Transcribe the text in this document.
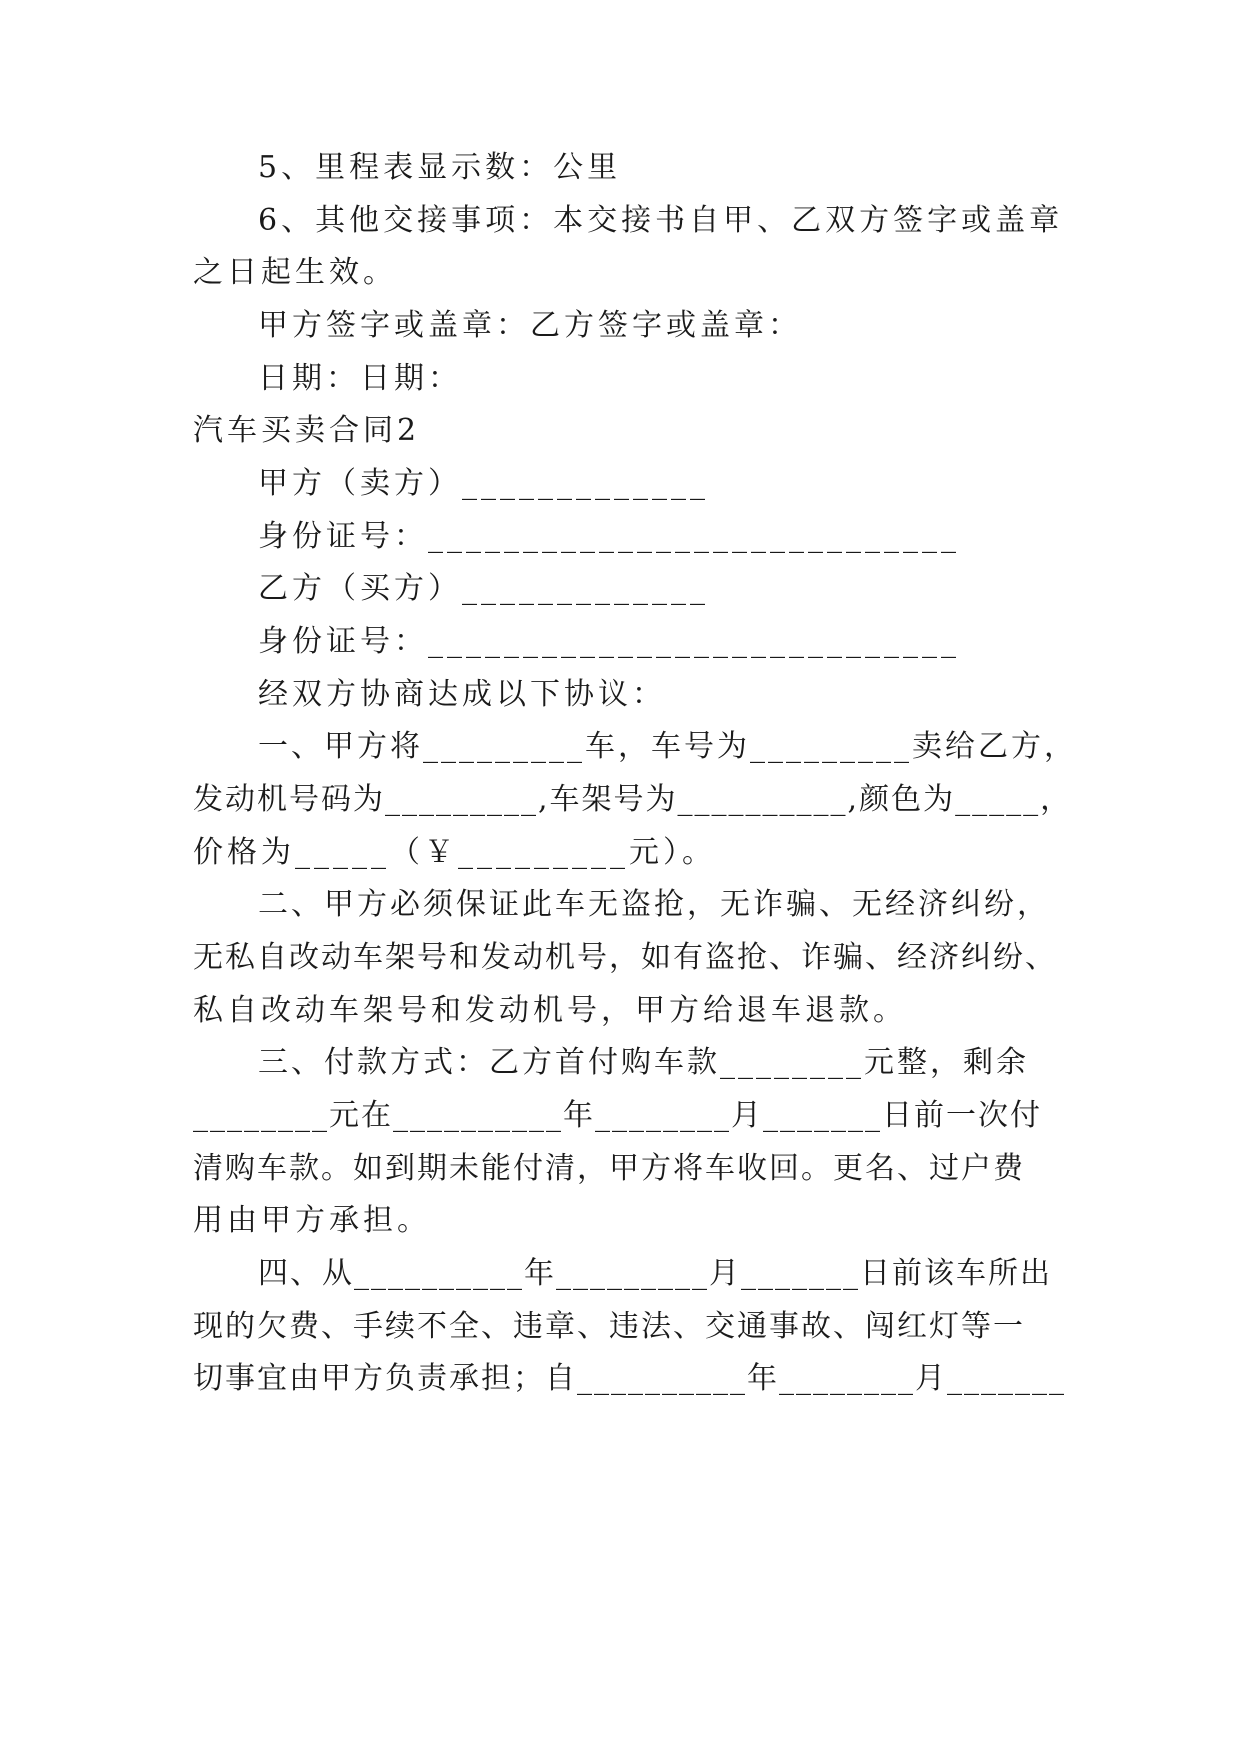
5、里程表显示数：公里
6、其他交接事项：本交接书自甲、乙双方签字或盖章
之日起生效。
甲方签字或盖章：乙方签字或盖章：
日期：日期：
汽车买卖合同2
甲方（卖方）_____________
身份证号：____________________________
乙方（买方）_____________
身份证号：____________________________
经双方协商达成以下协议：
一、甲方将_________车，车号为_________卖给乙方，
发动机号码为_________,车架号为__________,颜色为_____，
价格为_____（￥_________元）。
二、甲方必须保证此车无盗抢，无诈骗、无经济纠纷，
无私自改动车架号和发动机号，如有盗抢、诈骗、经济纠纷、
私自改动车架号和发动机号，甲方给退车退款。
三、付款方式：乙方首付购车款________元整，剩余
________元在__________年________月_______日前一次付
清购车款。如到期未能付清，甲方将车收回。更名、过户费
用由甲方承担。
四、从__________年_________月_______日前该车所出
现的欠费、手续不全、违章、违法、交通事故、闯红灯等一
切事宜由甲方负责承担；自__________年________月_______
